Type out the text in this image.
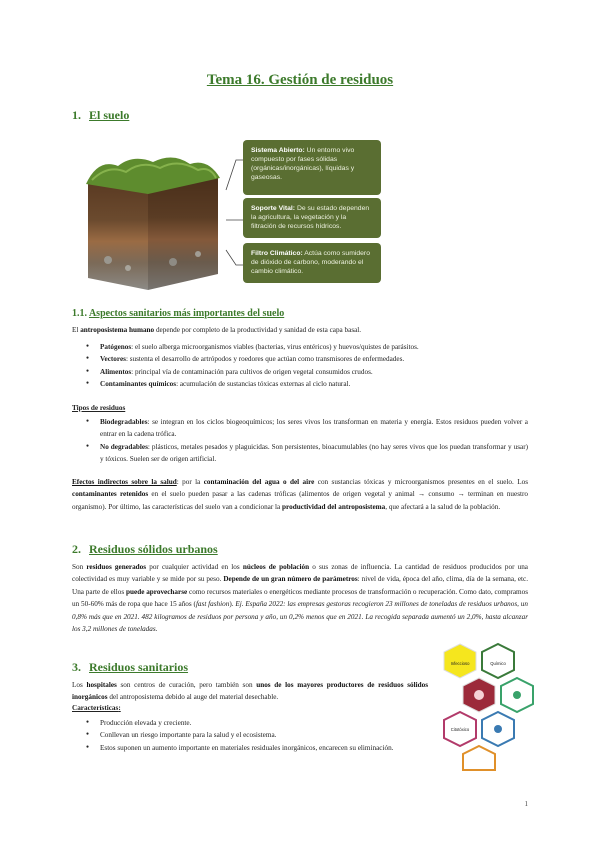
Tema 16. Gestión de residuos
1. El suelo
Sistema Abierto: Un entorno vivo compuesto por fases sólidas (orgánicas/inorgánicas), líquidas y gaseosas.
Soporte Vital: De su estado dependen la agricultura, la vegetación y la filtración de recursos hídricos.
Filtro Climático: Actúa como sumidero de dióxido de carbono, moderando el cambio climático.
1.1. Aspectos sanitarios más importantes del suelo
El antroposistema humano depende por completo de la productividad y sanidad de esta capa basal.
● Patógenos: el suelo alberga microorganismos viables (bacterias, virus entéricos) y huevos/quistes de parásitos.
● Vectores: sustenta el desarrollo de artrópodos y roedores que actúan como transmisores de enfermedades.
● Alimentos: principal vía de contaminación para cultivos de origen vegetal consumidos crudos.
● Contaminantes químicos: acumulación de sustancias tóxicas externas al ciclo natural.
Tipos de residuos
● Biodegradables: se integran en los ciclos biogeoquímicos; los seres vivos los transforman en materia y energía. Estos residuos pueden volver a entrar en la cadena trófica.
● No degradables: plásticos, metales pesados y plaguicidas. Son persistentes, bioacumulables (no hay seres vivos que los puedan transformar y usar) y tóxicos. Suelen ser de origen artificial.
Efectos indirectos sobre la salud: por la contaminación del agua o del aire con sustancias tóxicas y microorganismos presentes en el suelo. Los contaminantes retenidos en el suelo pueden pasar a las cadenas tróficas (alimentos de origen vegetal y animal → consumo → terminan en nuestro organismo). Por último, las características del suelo van a condicionar la productividad del antroposistema, que afectará a la salud de la población.
2. Residuos sólidos urbanos
Son residuos generados por cualquier actividad en los núcleos de población o sus zonas de influencia. La cantidad de residuos producidos por una colectividad es muy variable y se mide por su peso. Depende de un gran número de parámetros: nivel de vida, época del año, clima, día de la semana, etc. Una parte de ellos puede aprovecharse como recursos materiales o energéticos mediante procesos de transformación o recuperación. Como dato, compramos un 50-60% más de ropa que hace 15 años (fast fashion). Ej. España 2022: las empresas gestoras recogieron 23 millones de toneladas de residuos urbanos, un 0,8% más que en 2021. 482 kilogramos de residuos por persona y año, un 0,2% menos que en 2021. La recogida separada aumentó un 2,0%, hasta alcanzar los 3,2 millones de toneladas.
3. Residuos sanitarios
Los hospitales son centros de curación, pero también son unos de los mayores productores de residuos sólidos inorgánicos del antroposistema debido al auge del material desechable.
Características:
● Producción elevada y creciente.
● Conllevan un riesgo importante para la salud y el ecosistema.
● Estos suponen un aumento importante en materiales residuales inorgánicos, encarecen su eliminación.
Infeccioso	Químico
Citotóxico
1
